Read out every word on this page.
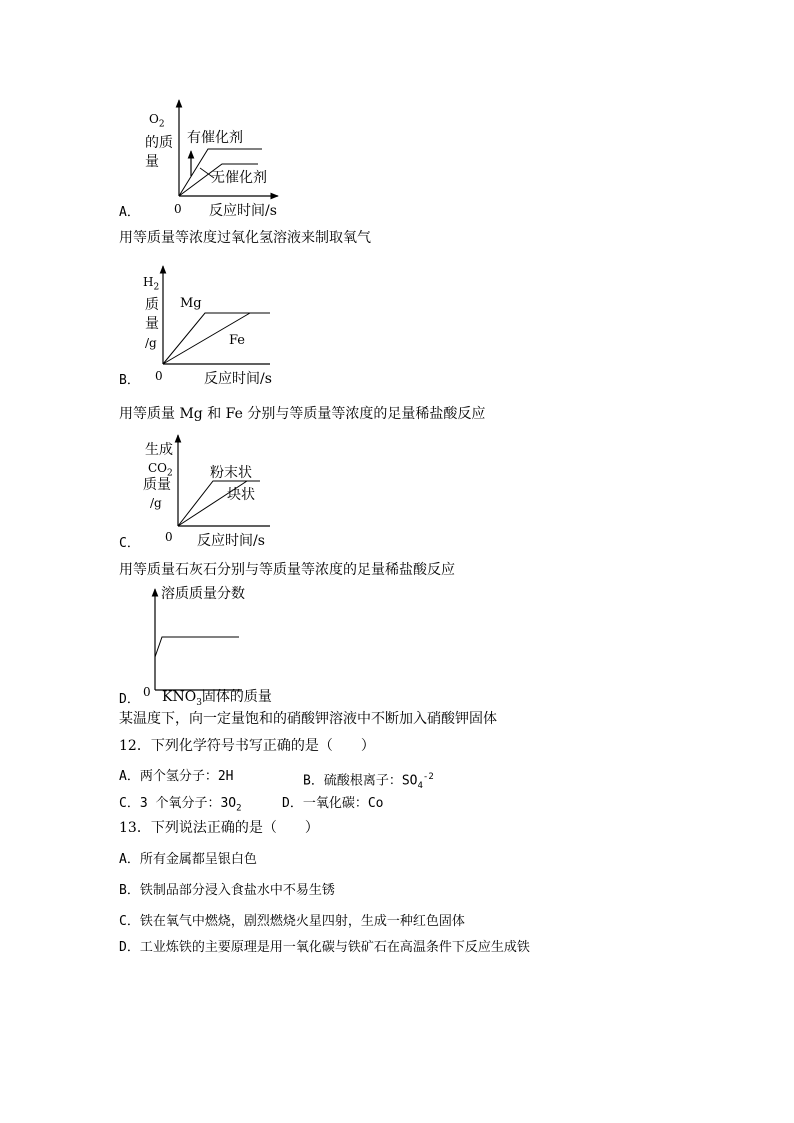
$O_2$
的质
量
有催化剂
无催化剂
0 反应时间/s
A．
用等质量等浓度过氧化氢溶液来制取氧气
$H_2$
质
量
/g
Mg
Fe
0	反应时间/s
B．
用等质量 Mg 和 Fe 分别与等质量等浓度的足量稀盐酸反应
生成
$CO_2$
质量
/g
粉末状
块状
0 反应时间/s
C．
用等质量石灰石分别与等质量等浓度的足量稀盐酸反应
溶质质量分数
0 $KNO_3$固体的质量
D．
某温度下，向一定量饱和的硝酸钾溶液中不断加入硝酸钾固体
12．下列化学符号书写正确的是（　　）
A．两个氢分子：2H	B．硫酸根离子：$SO_4^{-2}$
C．3 个氧分子：$3O_2$	D．一氧化碳：Co
13．下列说法正确的是（　　）
A．所有金属都呈银白色
B．铁制品部分浸入食盐水中不易生锈
C．铁在氧气中燃烧，剧烈燃烧火星四射，生成一种红色固体
D．工业炼铁的主要原理是用一氧化碳与铁矿石在高温条件下反应生成铁
